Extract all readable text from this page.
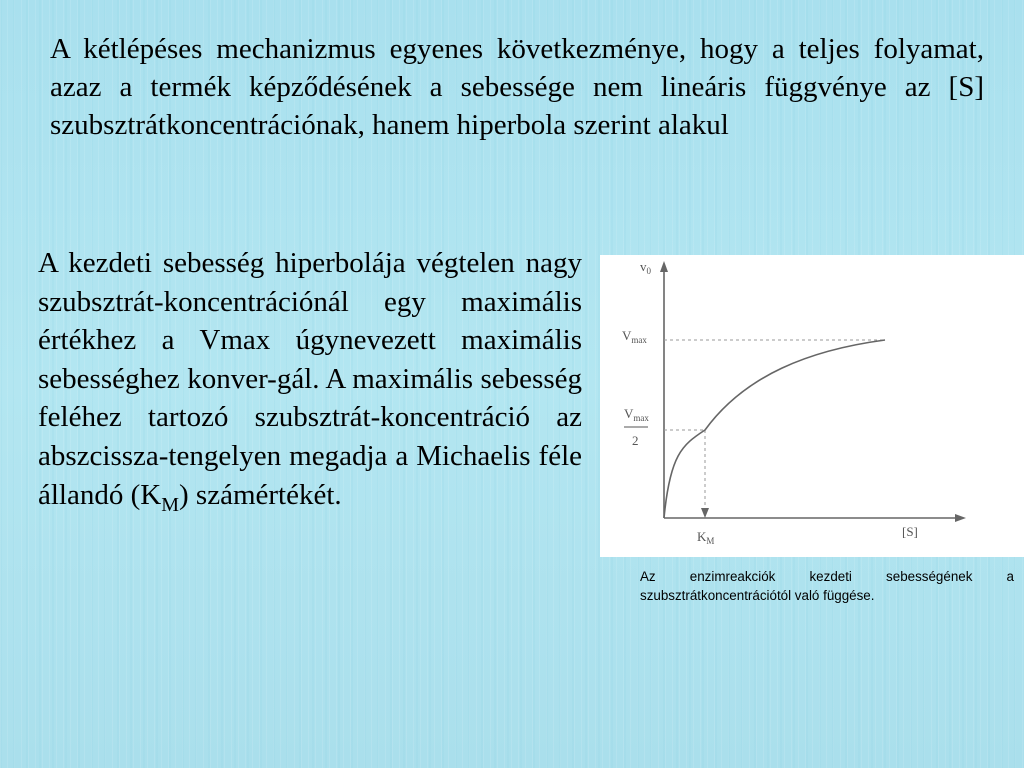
A kétlépéses mechanizmus egyenes következménye, hogy a teljes folyamat, azaz a termék képződésének a sebessége nem lineáris függvénye az [S] szubsztrátkoncentrációnak, hanem hiperbola szerint alakul

A kezdeti sebesség hiperbolája végtelen nagy szubsztrát-koncentrációnál egy maximális értékhez a Vmax úgynevezett maximális sebességhez konver-gál. A maximális sebesség feléhez tartozó szubsztrát-koncentráció az abszcissza-tengelyen megadja a Michaelis féle állandó $(K_M)$ számértékét.

$v_0$
$V_{max}$
$V_{max}$
2
$K_M$
[S]

Az enzimreakciók kezdeti sebességének a szubsztrátkoncentrációtól való függése.
